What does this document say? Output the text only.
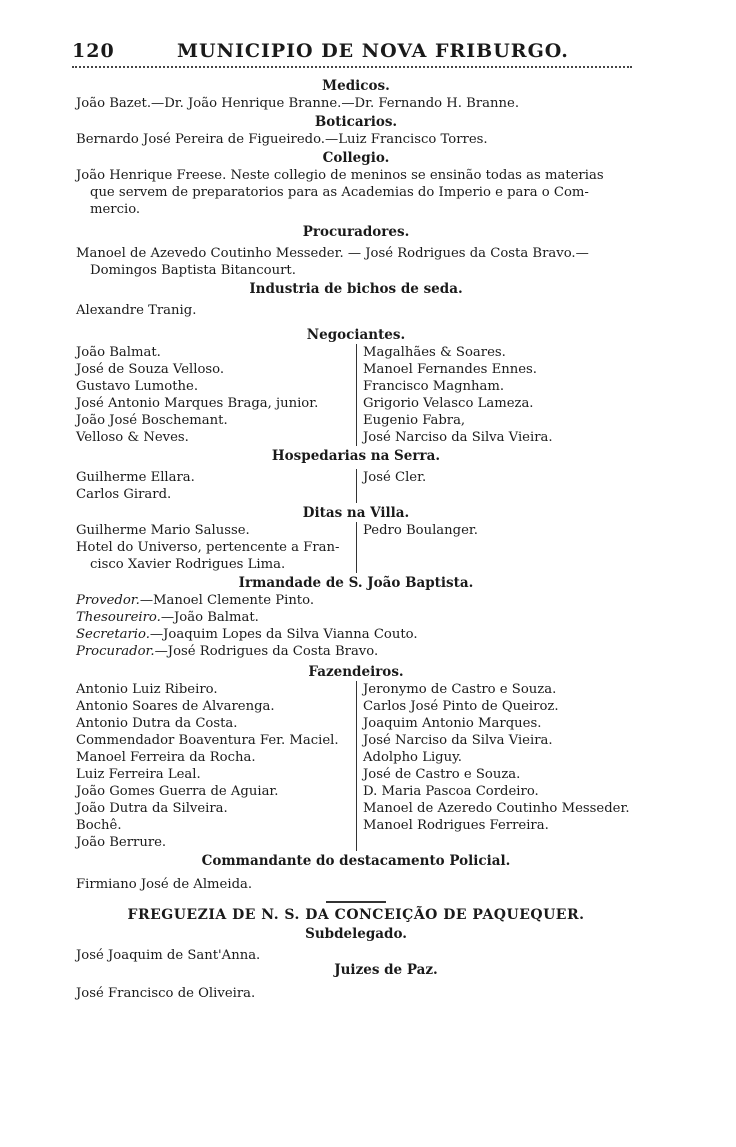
120	MUNICIPIO DE NOVA FRIBURGO.
Medicos.
João Bazet.—Dr. João Henrique Branne.—Dr. Fernando H. Branne.
Boticarios.
Bernardo José Pereira de Figueiredo.—Luiz Francisco Torres.
Collegio.
João Henrique Freese. Neste collegio de meninos se ensinão todas as materias
que servem de preparatorios para as Academias do Imperio e para o Com-
mercio.
Procuradores.
Manoel de Azevedo Coutinho Messeder. — José Rodrigues da Costa Bravo.—
Domingos Baptista Bitancourt.
Industria de bichos de seda.
Alexandre Tranig.
Negociantes.
João Balmat.
José de Souza Velloso.
Gustavo Lumothe.
José Antonio Marques Braga, junior.
João José Boschemant.
Velloso & Neves.
Magalhães & Soares.
Manoel Fernandes Ennes.
Francisco Magnham.
Grigorio Velasco Lameza.
Eugenio Fabra,
José Narciso da Silva Vieira.
Hospedarias na Serra.
Guilherme Ellara.
Carlos Girard.
José Cler.
Ditas na Villa.
Guilherme Mario Salusse.
Hotel do Universo, pertencente a Fran-
cisco Xavier Rodrigues Lima.
Pedro Boulanger.
Irmandade de S. João Baptista.
Provedor.—Manoel Clemente Pinto.
Thesoureiro.—João Balmat.
Secretario.—Joaquim Lopes da Silva Vianna Couto.
Procurador.—José Rodrigues da Costa Bravo.
Fazendeiros.
Antonio Luiz Ribeiro.
Antonio Soares de Alvarenga.
Antonio Dutra da Costa.
Commendador Boaventura Fer. Maciel.
Manoel Ferreira da Rocha.
Luiz Ferreira Leal.
João Gomes Guerra de Aguiar.
João Dutra da Silveira.
Bochê.
João Berrure.
Jeronymo de Castro e Souza.
Carlos José Pinto de Queiroz.
Joaquim Antonio Marques.
José Narciso da Silva Vieira.
Adolpho Liguy.
José de Castro e Souza.
D. Maria Pascoa Cordeiro.
Manoel de Azeredo Coutinho Messeder.
Manoel Rodrigues Ferreira.
Commandante do destacamento Policial.
Firmiano José de Almeida.
FREGUEZIA DE N. S. DA CONCEIÇÃO DE PAQUEQUER.
Subdelegado.
José Joaquim de Sant'Anna.
Juizes de Paz.
José Francisco de Oliveira.
